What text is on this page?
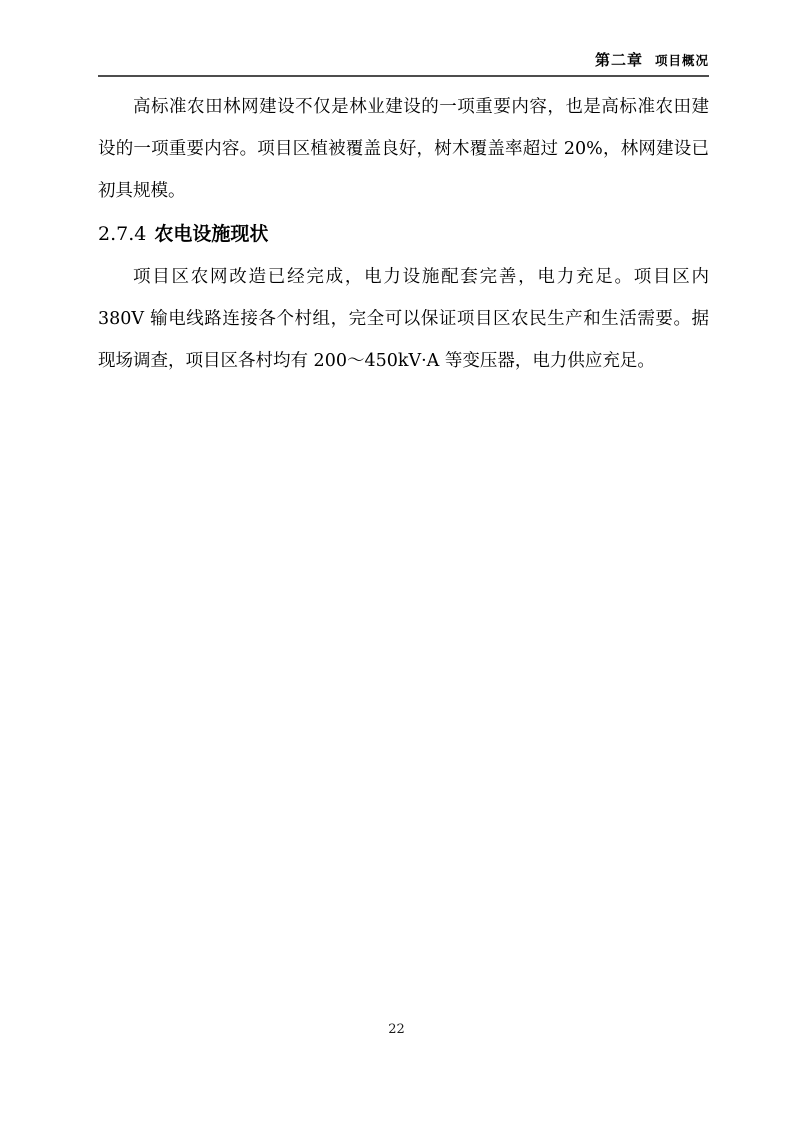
第二章 项目概况

高标准农田林网建设不仅是林业建设的一项重要内容，也是高标准农田建设的一项重要内容。项目区植被覆盖良好，树木覆盖率超过 20%，林网建设已初具规模。

2.7.4 农电设施现状

项目区农网改造已经完成，电力设施配套完善，电力充足。项目区内 380V 输电线路连接各个村组，完全可以保证项目区农民生产和生活需要。据现场调查，项目区各村均有 200～450kV·A 等变压器，电力供应充足。

22
